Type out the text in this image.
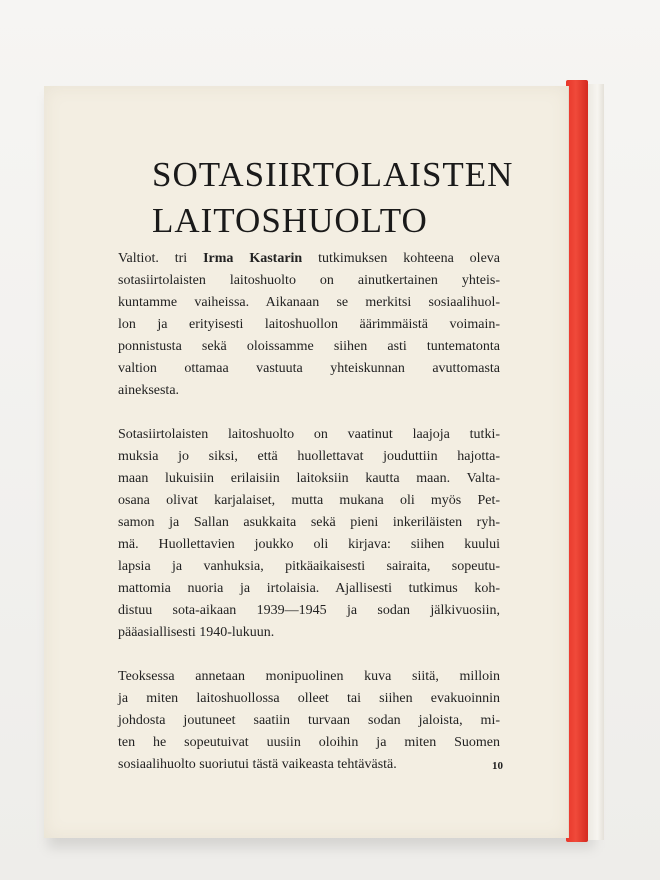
SOTASIIRTOLAISTEN
LAITOSHUOLTO

Valtiot. tri Irma Kastarin tutkimuksen kohteena oleva
sotasiirtolaisten laitoshuolto on ainutkertainen yhteis-
kuntamme vaiheissa. Aikanaan se merkitsi sosiaalihuol-
lon ja erityisesti laitoshuollon äärimmäistä voimain-
ponnistusta sekä oloissamme siihen asti tuntematonta
valtion ottamaa vastuuta yhteiskunnan avuttomasta
aineksesta.

Sotasiirtolaisten laitoshuolto on vaatinut laajoja tutki-
muksia jo siksi, että huollettavat jouduttiin hajotta-
maan lukuisiin erilaisiin laitoksiin kautta maan. Valta-
osana olivat karjalaiset, mutta mukana oli myös Pet-
samon ja Sallan asukkaita sekä pieni inkeriläisten ryh-
mä. Huollettavien joukko oli kirjava: siihen kuului
lapsia ja vanhuksia, pitkäaikaisesti sairaita, sopeutu-
mattomia nuoria ja irtolaisia. Ajallisesti tutkimus koh-
distuu sota-aikaan 1939—1945 ja sodan jälkivuosiin,
pääasiallisesti 1940-lukuun.

Teoksessa annetaan monipuolinen kuva siitä, milloin
ja miten laitoshuollossa olleet tai siihen evakuoinnin
johdosta joutuneet saatiin turvaan sodan jaloista, mi-
ten he sopeutuivat uusiin oloihin ja miten Suomen
sosiaalihuolto suoriutui tästä vaikeasta tehtävästä.	10
